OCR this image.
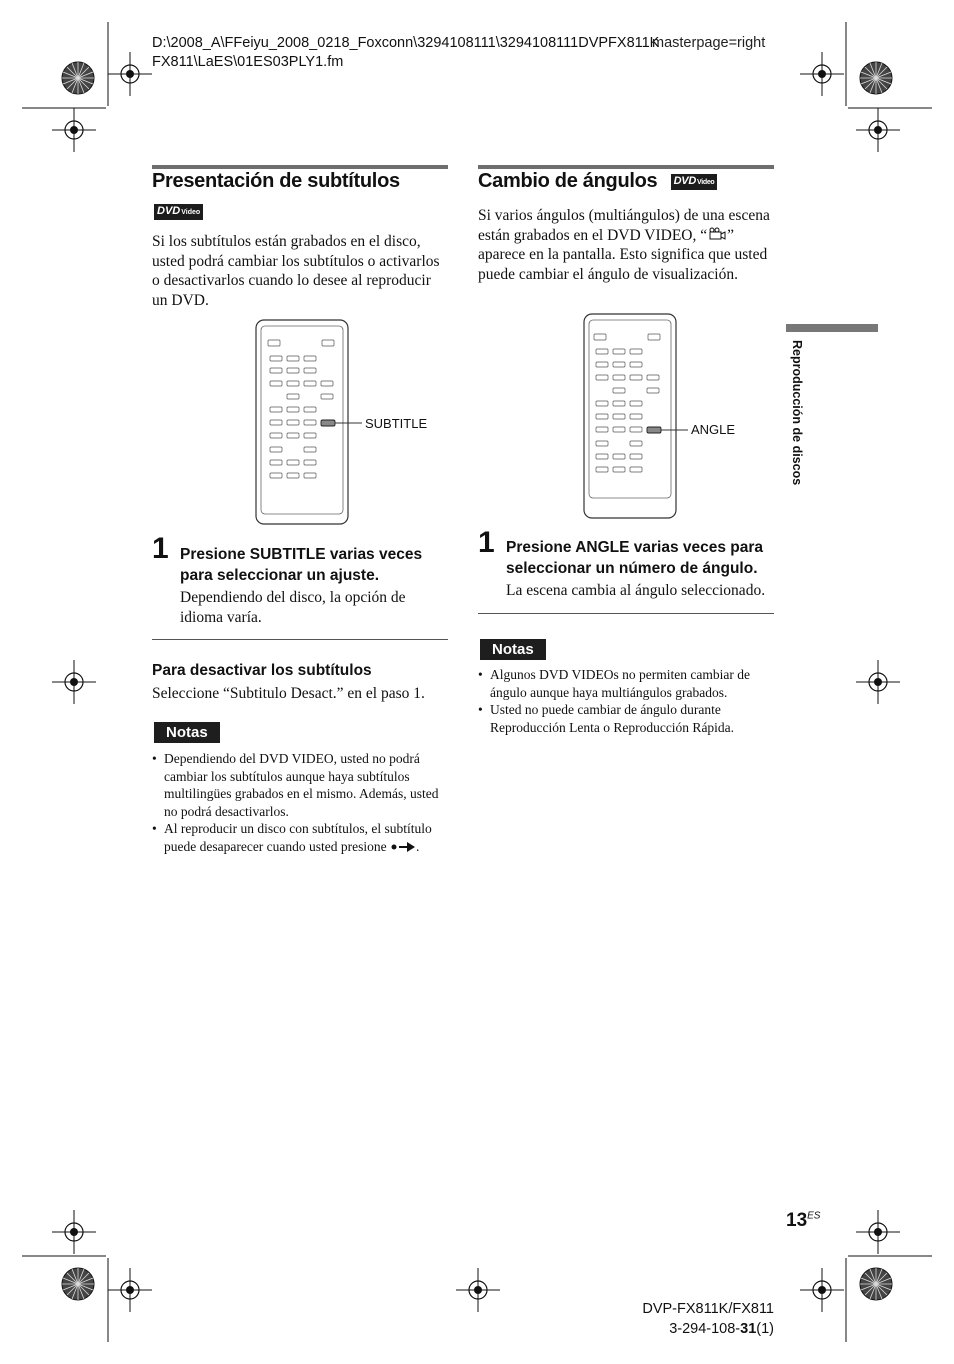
D:\2008_A\FFeiyu_2008_0218_Foxconn\3294108111\3294108111DVPFX811K
FX811\LaES\01ES03PLY1.fm
masterpage=right
Presentación de subtítulos
DVDVideo
Si los subtítulos están grabados en el disco, usted podrá cambiar los subtítulos o activarlos o desactivarlos cuando lo desee al reproducir un DVD.
SUBTITLE
1 Presione SUBTITLE varias veces para seleccionar un ajuste.
Dependiendo del disco, la opción de idioma varía.
Para desactivar los subtítulos
Seleccione “Subtitulo Desact.” en el paso 1.
Notas
• Dependiendo del DVD VIDEO, usted no podrá cambiar los subtítulos aunque haya subtítulos multilingües grabados en el mismo. Además, usted no podrá desactivarlos.
• Al reproducir un disco con subtítulos, el subtítulo puede desaparecer cuando usted presione .
Cambio de ángulos DVDVideo
Si varios ángulos (multiángulos) de una escena están grabados en el DVD VIDEO, “ ” aparece en la pantalla. Esto significa que usted puede cambiar el ángulo de visualización.
ANGLE
1 Presione ANGLE varias veces para seleccionar un número de ángulo.
La escena cambia al ángulo seleccionado.
Notas
• Algunos DVD VIDEOs no permiten cambiar de ángulo aunque haya multiángulos grabados.
• Usted no puede cambiar de ángulo durante Reproducción Lenta o Reproducción Rápida.
Reproducción de discos
$13^{ES}$
DVP-FX811K/FX811
3-294-108-31(1)
